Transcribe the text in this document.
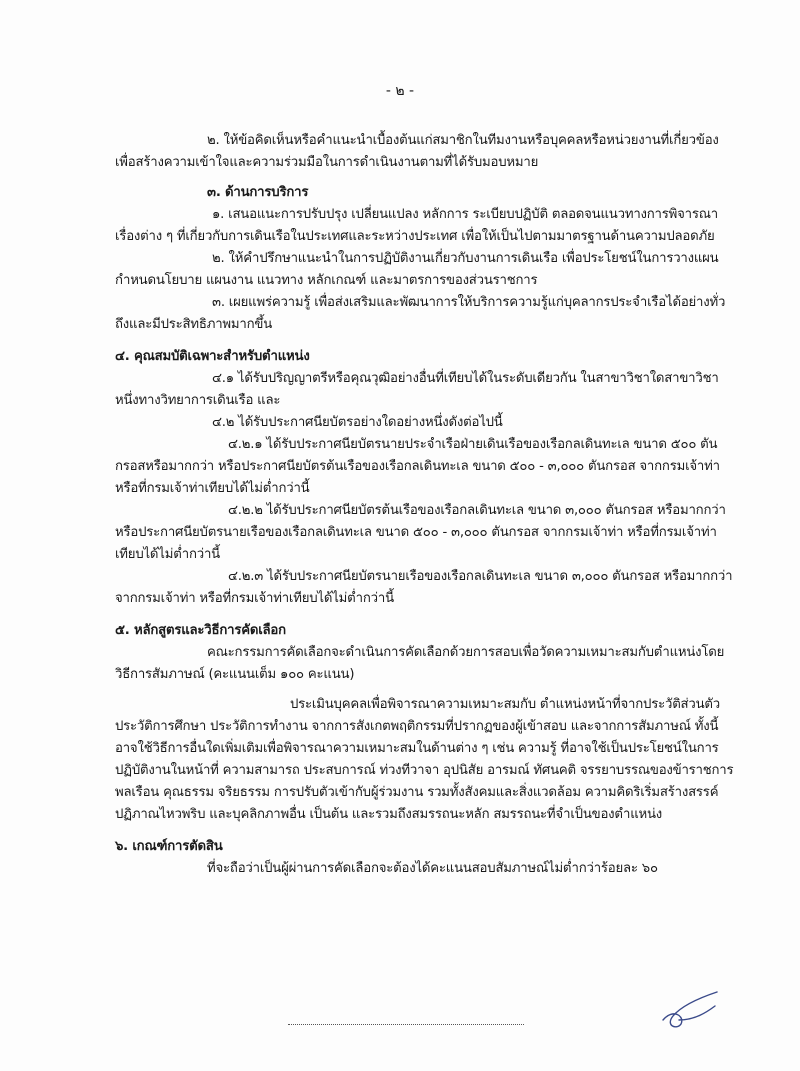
- ๒ -

๒. ให้ข้อคิดเห็นหรือคำแนะนำเบื้องต้นแก่สมาชิกในทีมงานหรือบุคคลหรือหน่วยงานที่เกี่ยวข้องเพื่อสร้างความเข้าใจและความร่วมมือในการดำเนินงานตามที่ได้รับมอบหมาย

๓. ด้านการบริการ

๑. เสนอแนะการปรับปรุง เปลี่ยนแปลง หลักการ ระเบียบปฏิบัติ ตลอดจนแนวทางการพิจารณาเรื่องต่าง ๆ ที่เกี่ยวกับการเดินเรือในประเทศและระหว่างประเทศ เพื่อให้เป็นไปตามมาตรฐานด้านความปลอดภัย

๒. ให้คำปรึกษาแนะนำในการปฏิบัติงานเกี่ยวกับงานการเดินเรือ เพื่อประโยชน์ในการวางแผนกำหนดนโยบาย แผนงาน แนวทาง หลักเกณฑ์ และมาตรการของส่วนราชการ

๓. เผยแพร่ความรู้ เพื่อส่งเสริมและพัฒนาการให้บริการความรู้แก่บุคลากรประจำเรือได้อย่างทั่วถึงและมีประสิทธิภาพมากขึ้น

๔. คุณสมบัติเฉพาะสำหรับตำแหน่ง

๔.๑ ได้รับปริญญาตรีหรือคุณวุฒิอย่างอื่นที่เทียบได้ในระดับเดียวกัน ในสาขาวิชาใดสาขาวิชาหนึ่งทางวิทยาการเดินเรือ และ

๔.๒ ได้รับประกาศนียบัตรอย่างใดอย่างหนึ่งดังต่อไปนี้

๔.๒.๑ ได้รับประกาศนียบัตรนายประจำเรือฝ่ายเดินเรือของเรือกลเดินทะเล ขนาด ๕๐๐ ตันกรอสหรือมากกว่า หรือประกาศนียบัตรต้นเรือของเรือกลเดินทะเล ขนาด ๕๐๐ - ๓,๐๐๐ ตันกรอส จากกรมเจ้าท่า หรือที่กรมเจ้าท่าเทียบได้ไม่ต่ำกว่านี้

๔.๒.๒ ได้รับประกาศนียบัตรต้นเรือของเรือกลเดินทะเล ขนาด ๓,๐๐๐ ตันกรอส หรือมากกว่า หรือประกาศนียบัตรนายเรือของเรือกลเดินทะเล ขนาด ๕๐๐ - ๓,๐๐๐ ตันกรอส จากกรมเจ้าท่า หรือที่กรมเจ้าท่าเทียบได้ไม่ต่ำกว่านี้

๔.๒.๓ ได้รับประกาศนียบัตรนายเรือของเรือกลเดินทะเล ขนาด ๓,๐๐๐ ตันกรอส หรือมากกว่าจากกรมเจ้าท่า หรือที่กรมเจ้าท่าเทียบได้ไม่ต่ำกว่านี้

๕. หลักสูตรและวิธีการคัดเลือก

คณะกรรมการคัดเลือกจะดำเนินการคัดเลือกด้วยการสอบเพื่อวัดความเหมาะสมกับตำแหน่งโดยวิธีการสัมภาษณ์ (คะแนนเต็ม ๑๐๐ คะแนน)

ประเมินบุคคลเพื่อพิจารณาความเหมาะสมกับ ตำแหน่งหน้าที่จากประวัติส่วนตัว ประวัติการศึกษา ประวัติการทำงาน จากการสังเกตพฤติกรรมที่ปรากฏของผู้เข้าสอบ และจากการสัมภาษณ์ ทั้งนี้ อาจใช้วิธีการอื่นใดเพิ่มเติมเพื่อพิจารณาความเหมาะสมในด้านต่าง ๆ เช่น ความรู้ ที่อาจใช้เป็นประโยชน์ในการปฏิบัติงานในหน้าที่ ความสามารถ ประสบการณ์ ท่วงทีวาจา อุปนิสัย อารมณ์ ทัศนคติ จรรยาบรรณของข้าราชการพลเรือน คุณธรรม จริยธรรม การปรับตัวเข้ากับผู้ร่วมงาน รวมทั้งสังคมและสิ่งแวดล้อม ความคิดริเริ่มสร้างสรรค์ ปฏิภาณไหวพริบ และบุคลิกภาพอื่น เป็นต้น และรวมถึงสมรรถนะหลัก สมรรถนะที่จำเป็นของตำแหน่ง

๖. เกณฑ์การตัดสิน

ที่จะถือว่าเป็นผู้ผ่านการคัดเลือกจะต้องได้คะแนนสอบสัมภาษณ์ไม่ต่ำกว่าร้อยละ ๖๐
